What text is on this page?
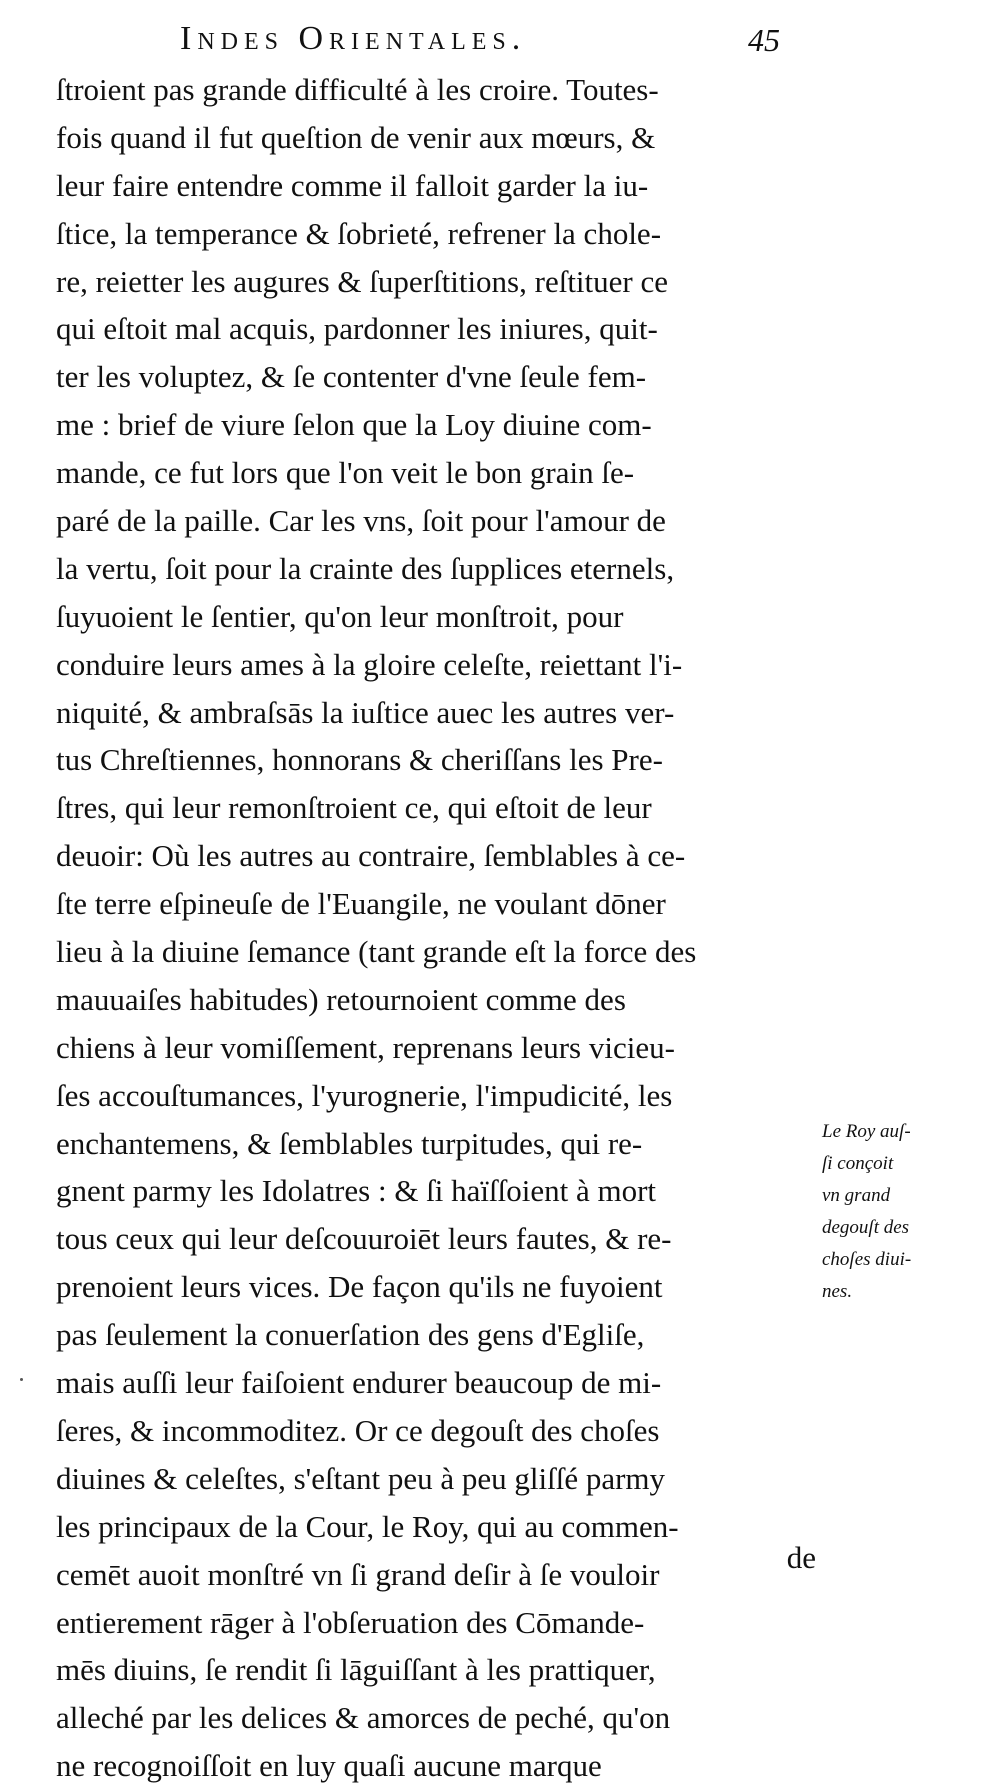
Indes Orientales.	45
ſtroient pas grande difficulté à les croire. Toutes-
fois quand il fut queſtion de venir aux mœurs, &
leur faire entendre comme il falloit garder la iu-
ſtice, la temperance & ſobrieté, refrener la chole-
re, reietter les augures & ſuperſtitions, reſtituer ce
qui eſtoit mal acquis, pardonner les iniures, quit-
ter les voluptez, & ſe contenter d'vne ſeule fem-
me : brief de viure ſelon que la Loy diuine com-
mande, ce fut lors que l'on veit le bon grain ſe-
paré de la paille. Car les vns, ſoit pour l'amour de
la vertu, ſoit pour la crainte des ſupplices eternels,
ſuyuoient le ſentier, qu'on leur monſtroit, pour
conduire leurs ames à la gloire celeſte, reiettant l'i-
niquité, & ambraſsās la iuſtice auec les autres ver-
tus Chreſtiennes, honnorans & cheriſſans les Pre-
ſtres, qui leur remonſtroient ce, qui eſtoit de leur
deuoir: Où les autres au contraire, ſemblables à ce-
ſte terre eſpineuſe de l'Euangile, ne voulant dōner
lieu à la diuine ſemance (tant grande eſt la force des
mauuaiſes habitudes) retournoient comme des
chiens à leur vomiſſement, reprenans leurs vicieu-
ſes accouſtumances, l'yurognerie, l'impudicité, les
enchantemens, & ſemblables turpitudes, qui re-
gnent parmy les Idolatres : & ſi haïſſoient à mort
tous ceux qui leur deſcouuroiēt leurs fautes, & re-
prenoient leurs vices. De façon qu'ils ne fuyoient
pas ſeulement la conuerſation des gens d'Egliſe,
mais auſſi leur faiſoient endurer beaucoup de mi-
ſeres, & incommoditez. Or ce degouſt des choſes
diuines & celeſtes, s'eſtant peu à peu gliſſé parmy
les principaux de la Cour, le Roy, qui au commen-
cemēt auoit monſtré vn ſi grand deſir à ſe vouloir
entierement rāger à l'obſeruation des Cōmande-
mēs diuins, ſe rendit ſi lāguiſſant à les prattiquer,
alleché par les delices & amorces de peché, qu'on
ne recognoiſſoit en luy quaſi aucune marque
de
Le Roy auſ-
ſi conçoit
vn grand
degouſt des
choſes diui-
nes.
